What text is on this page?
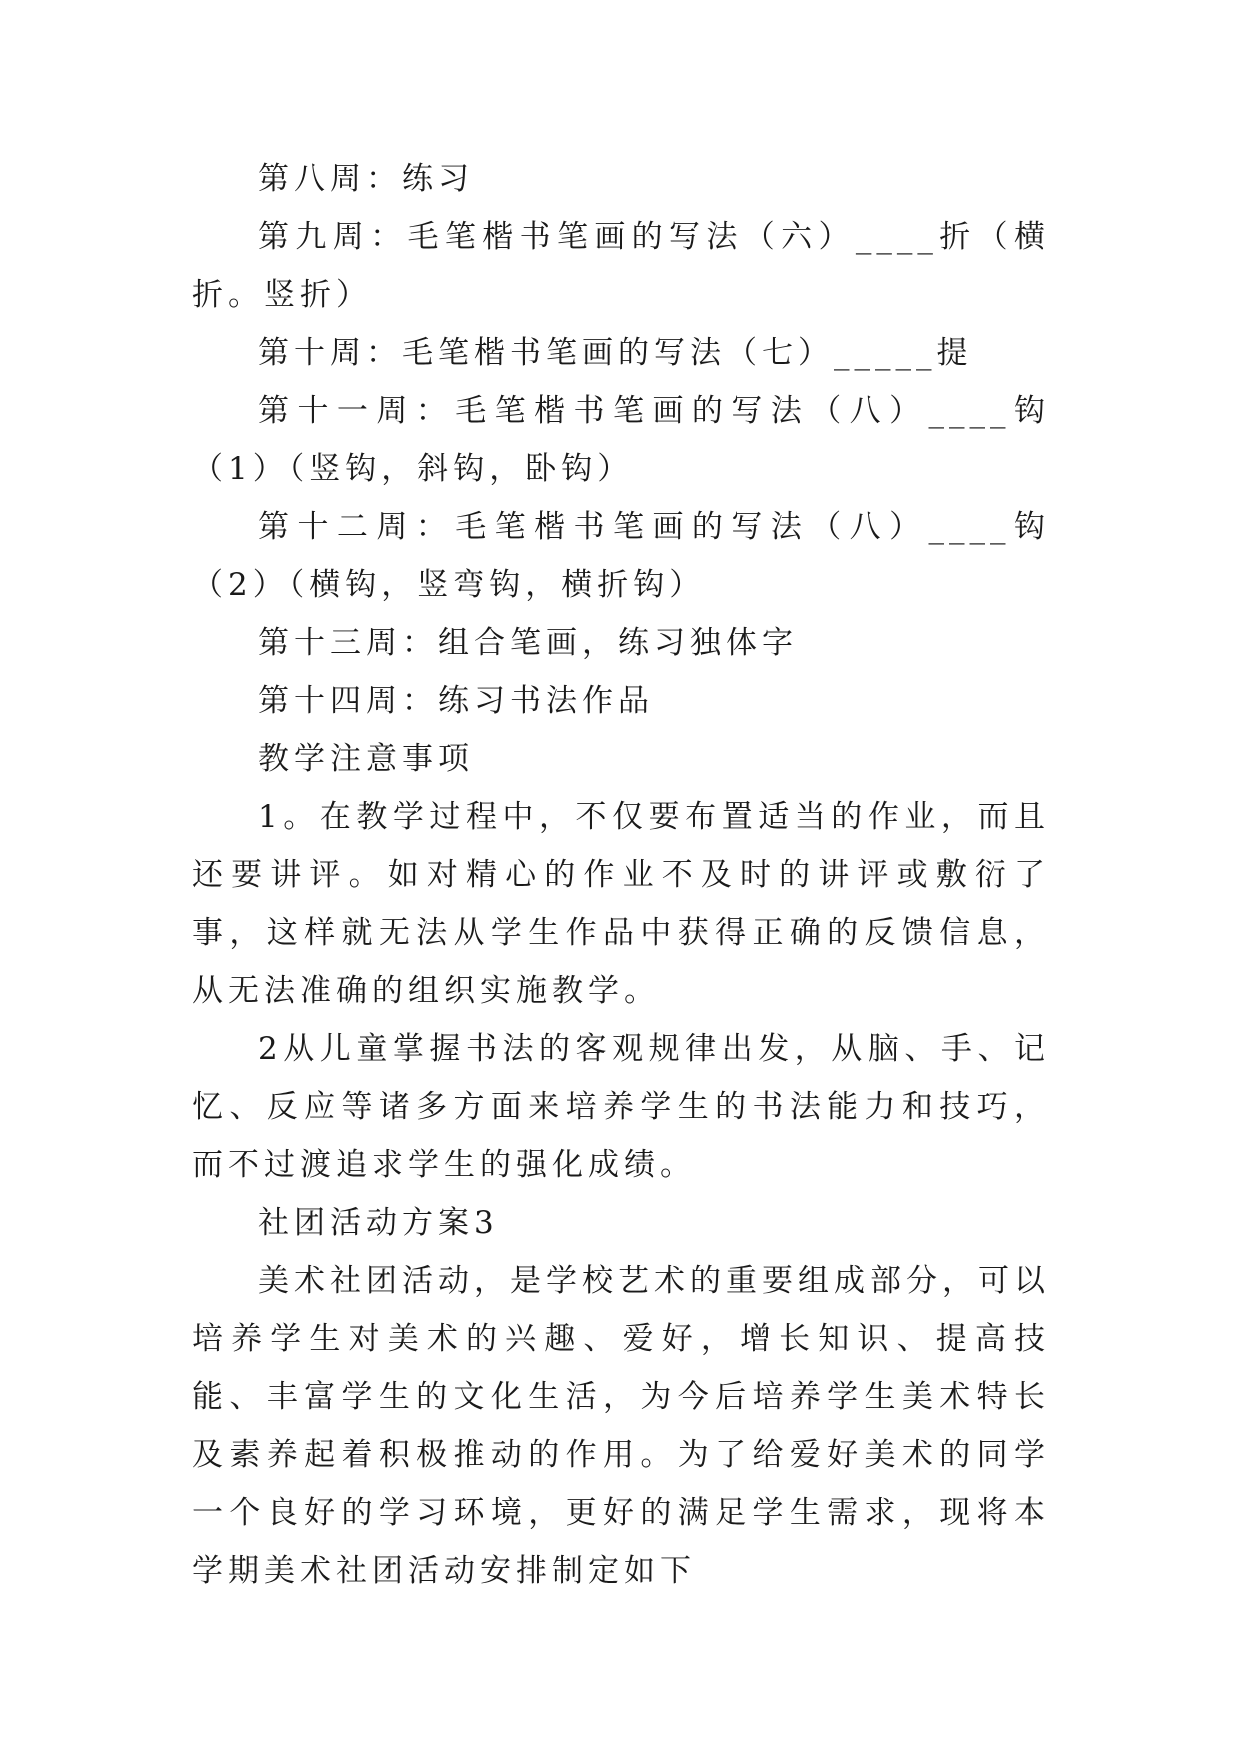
第八周：练习

第九周：毛笔楷书笔画的写法（六）____折（横折。竖折）

第十周：毛笔楷书笔画的写法（七）_____提

第十一周：毛笔楷书笔画的写法（八）____钩（1）（竖钩，斜钩，卧钩）

第十二周：毛笔楷书笔画的写法（八）____钩（2）（横钩，竖弯钩，横折钩）

第十三周：组合笔画，练习独体字

第十四周：练习书法作品

教学注意事项

1。在教学过程中，不仅要布置适当的作业，而且还要讲评。如对精心的作业不及时的讲评或敷衍了事，这样就无法从学生作品中获得正确的反馈信息，从无法准确的组织实施教学。

2从儿童掌握书法的客观规律出发，从脑、手、记忆、反应等诸多方面来培养学生的书法能力和技巧，而不过渡追求学生的强化成绩。

社团活动方案3

美术社团活动，是学校艺术的重要组成部分，可以培养学生对美术的兴趣、爱好，增长知识、提高技能、丰富学生的文化生活，为今后培养学生美术特长及素养起着积极推动的作用。为了给爱好美术的同学一个良好的学习环境，更好的满足学生需求，现将本学期美术社团活动安排制定如下
